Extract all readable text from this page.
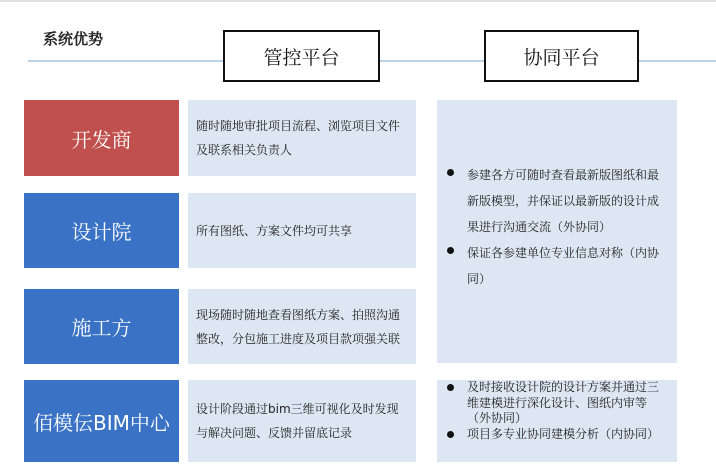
系统优势
管控平台	协同平台
开发商
随时随地审批项目流程、浏览项目文件及联系相关负责人
设计院	所有图纸、方案文件均可共享
施工方
现场随时随地查看图纸方案、拍照沟通整改，分包施工进度及项目款项强关联
佰模伝BIM中心
设计阶段通过bim三维可视化及时发现与解决问题、反馈并留底记录
参建各方可随时查看最新版图纸和最新版模型，并保证以最新版的设计成果进行沟通交流（外协同）
保证各参建单位专业信息对称（内协同）
及时接收设计院的设计方案并通过三维建模进行深化设计、图纸内审等（外协同）
项目多专业协同建模分析（内协同）
